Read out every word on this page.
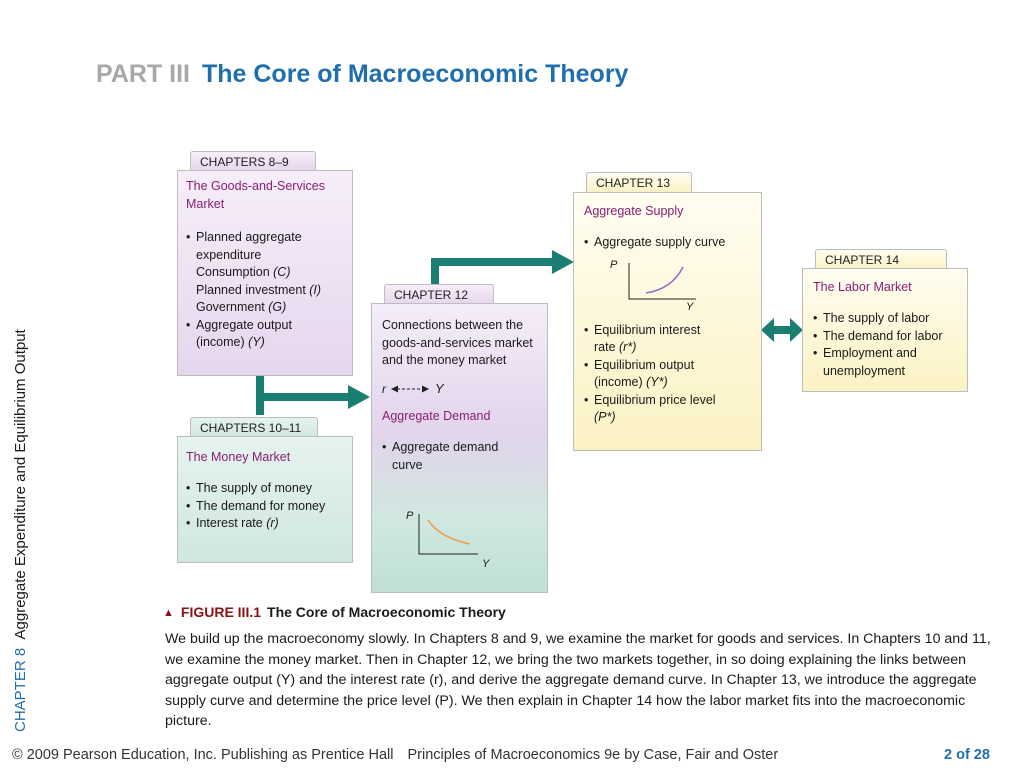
PART III The Core of Macroeconomic Theory
CHAPTER 8  Aggregate Expenditure and Equilibrium Output
CHAPTERS 8–9
The Goods-and-Services Market
• Planned aggregate expenditure
Consumption (C)
Planned investment (I)
Government (G)
• Aggregate output (income) (Y)
CHAPTERS 10–11
The Money Market
• The supply of money
• The demand for money
• Interest rate (r)
CHAPTER 12
Connections between the goods-and-services market and the money market
r	Y
Aggregate Demand
• Aggregate demand curve
P
Y
CHAPTER 13
Aggregate Supply
• Aggregate supply curve
P
Y
• Equilibrium interest rate (r*)
• Equilibrium output (income) (Y*)
• Equilibrium price level (P*)
CHAPTER 14
The Labor Market
• The supply of labor
• The demand for labor
• Employment and unemployment
▲ FIGURE III.1 The Core of Macroeconomic Theory
We build up the macroeconomy slowly. In Chapters 8 and 9, we examine the market for goods and services. In Chapters 10 and 11, we examine the money market. Then in Chapter 12, we bring the two markets together, in so doing explaining the links between aggregate output (Y) and the interest rate (r), and derive the aggregate demand curve. In Chapter 13, we introduce the aggregate supply curve and determine the price level (P). We then explain in Chapter 14 how the labor market fits into the macroeconomic picture.
© 2009 Pearson Education, Inc. Publishing as Prentice Hall Principles of Macroeconomics 9e by Case, Fair and Oster	2 of 28
